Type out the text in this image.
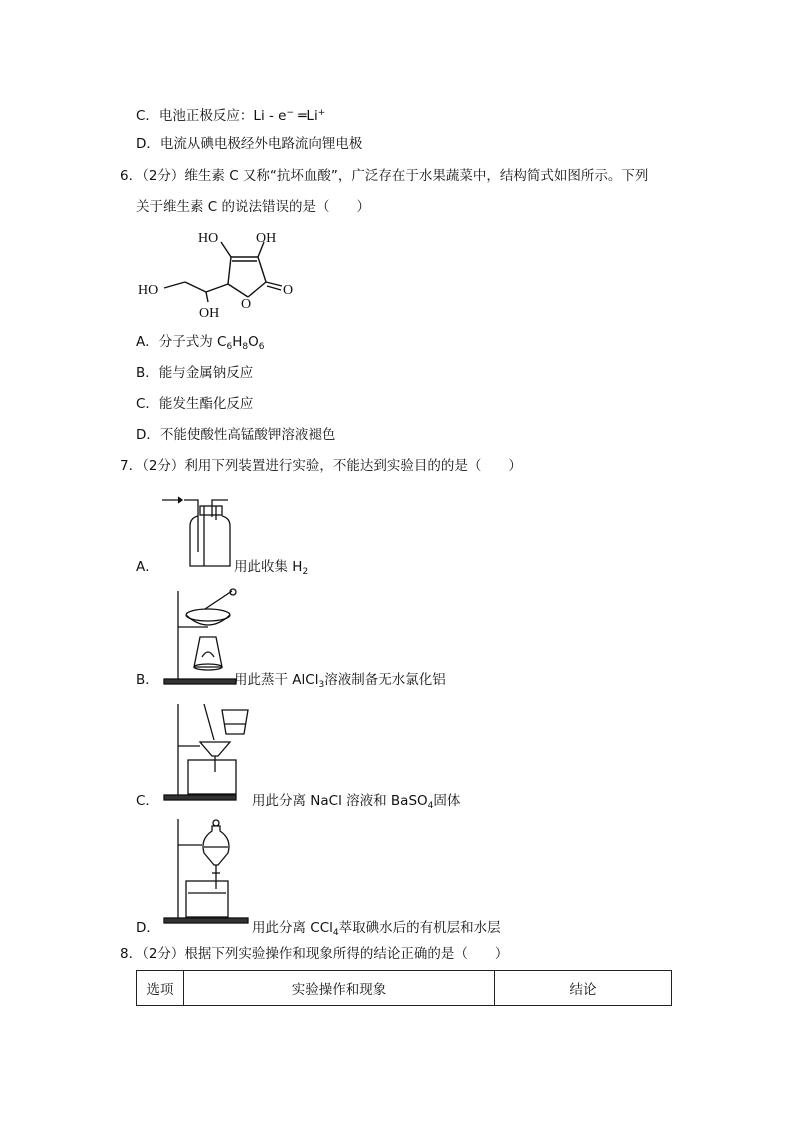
C．电池正极反应：Li - e− ═Li+
D．电流从碘电极经外电路流向锂电极
6．（2分）维生素 C 又称“抗坏血酸”，广泛存在于水果蔬菜中，结构简式如图所示。下列
关于维生素 C 的说法错误的是（　　）
HO	OH
HO
OH
O
O
A．分子式为 $C_6H_8O_6$
B．能与金属钠反应
C．能发生酯化反应
D．不能使酸性高锰酸钾溶液褪色
7．（2分）利用下列装置进行实验，不能达到实验目的的是（　　）
A．	用此收集 $H_2$
B．	用此蒸干 AlCl$_3$溶液制备无水氯化铝
C．	用此分离 NaCl 溶液和 BaSO$_4$固体
D．	用此分离 CCl$_4$萃取碘水后的有机层和水层
8．（2分）根据下列实验操作和现象所得的结论正确的是（　　）
选项	实验操作和现象	结论
